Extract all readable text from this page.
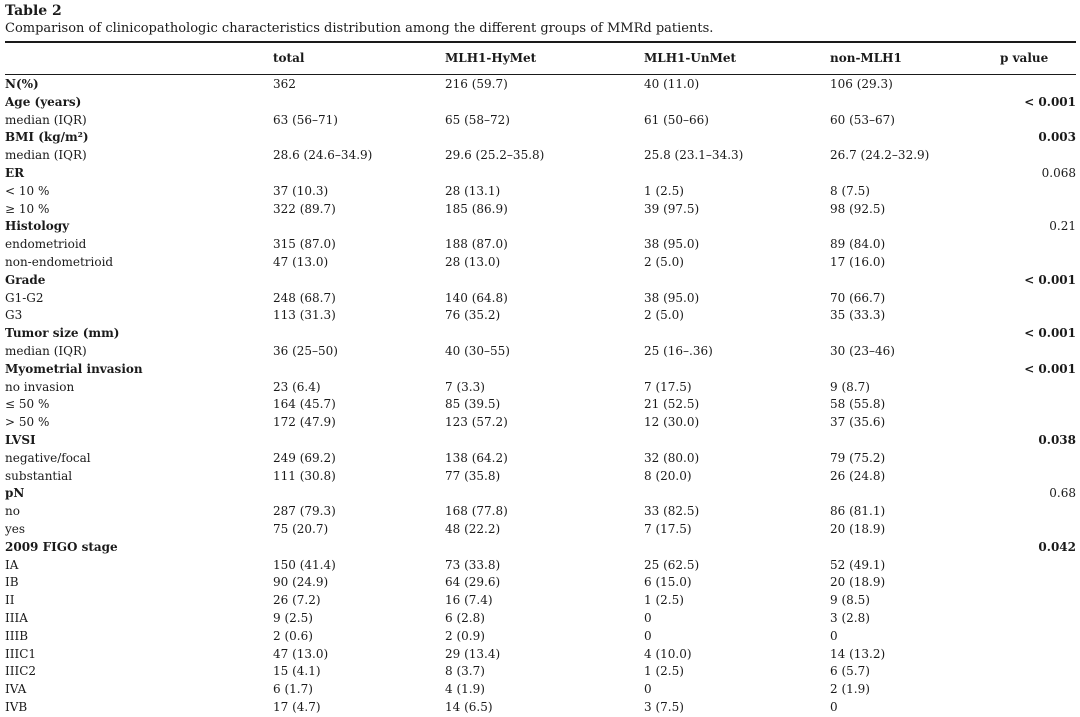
Table 2
Comparison of clinicopathologic characteristics distribution among the different groups of MMRd patients.
	total	MLH1-HyMet	MLH1-UnMet	non-MLH1	p value

N(%)	362	216 (59.7)	40 (11.0)	106 (29.3)	
Age (years)					< 0.001
median (IQR)	63 (56–71)	65 (58–72)	61 (50–66)	60 (53–67)	
BMI (kg/m²)					0.003
median (IQR)	28.6 (24.6–34.9)	29.6 (25.2–35.8)	25.8 (23.1–34.3)	26.7 (24.2–32.9)	
ER					0.068
< 10 %	37 (10.3)	28 (13.1)	1 (2.5)	8 (7.5)	
≥ 10 %	322 (89.7)	185 (86.9)	39 (97.5)	98 (92.5)	
Histology					0.21
endometrioid	315 (87.0)	188 (87.0)	38 (95.0)	89 (84.0)	
non-endometrioid	47 (13.0)	28 (13.0)	2 (5.0)	17 (16.0)	
Grade					< 0.001
G1-G2	248 (68.7)	140 (64.8)	38 (95.0)	70 (66.7)	
G3	113 (31.3)	76 (35.2)	2 (5.0)	35 (33.3)	
Tumor size (mm)					< 0.001
median (IQR)	36 (25–50)	40 (30–55)	25 (16–.36)	30 (23–46)	
Myometrial invasion					< 0.001
no invasion	23 (6.4)	7 (3.3)	7 (17.5)	9 (8.7)	
≤ 50 %	164 (45.7)	85 (39.5)	21 (52.5)	58 (55.8)	
> 50 %	172 (47.9)	123 (57.2)	12 (30.0)	37 (35.6)	
LVSI					0.038
negative/focal	249 (69.2)	138 (64.2)	32 (80.0)	79 (75.2)	
substantial	111 (30.8)	77 (35.8)	8 (20.0)	26 (24.8)	
pN					0.68
no	287 (79.3)	168 (77.8)	33 (82.5)	86 (81.1)	
yes	75 (20.7)	48 (22.2)	7 (17.5)	20 (18.9)	
2009 FIGO stage					0.042
IA	150 (41.4)	73 (33.8)	25 (62.5)	52 (49.1)	
IB	90 (24.9)	64 (29.6)	6 (15.0)	20 (18.9)	
II	26 (7.2)	16 (7.4)	1 (2.5)	9 (8.5)	
IIIA	9 (2.5)	6 (2.8)	0	3 (2.8)	
IIIB	2 (0.6)	2 (0.9)	0	0	
IIIC1	47 (13.0)	29 (13.4)	4 (10.0)	14 (13.2)	
IIIC2	15 (4.1)	8 (3.7)	1 (2.5)	6 (5.7)	
IVA	6 (1.7)	4 (1.9)	0	2 (1.9)	
IVB	17 (4.7)	14 (6.5)	3 (7.5)	0	
